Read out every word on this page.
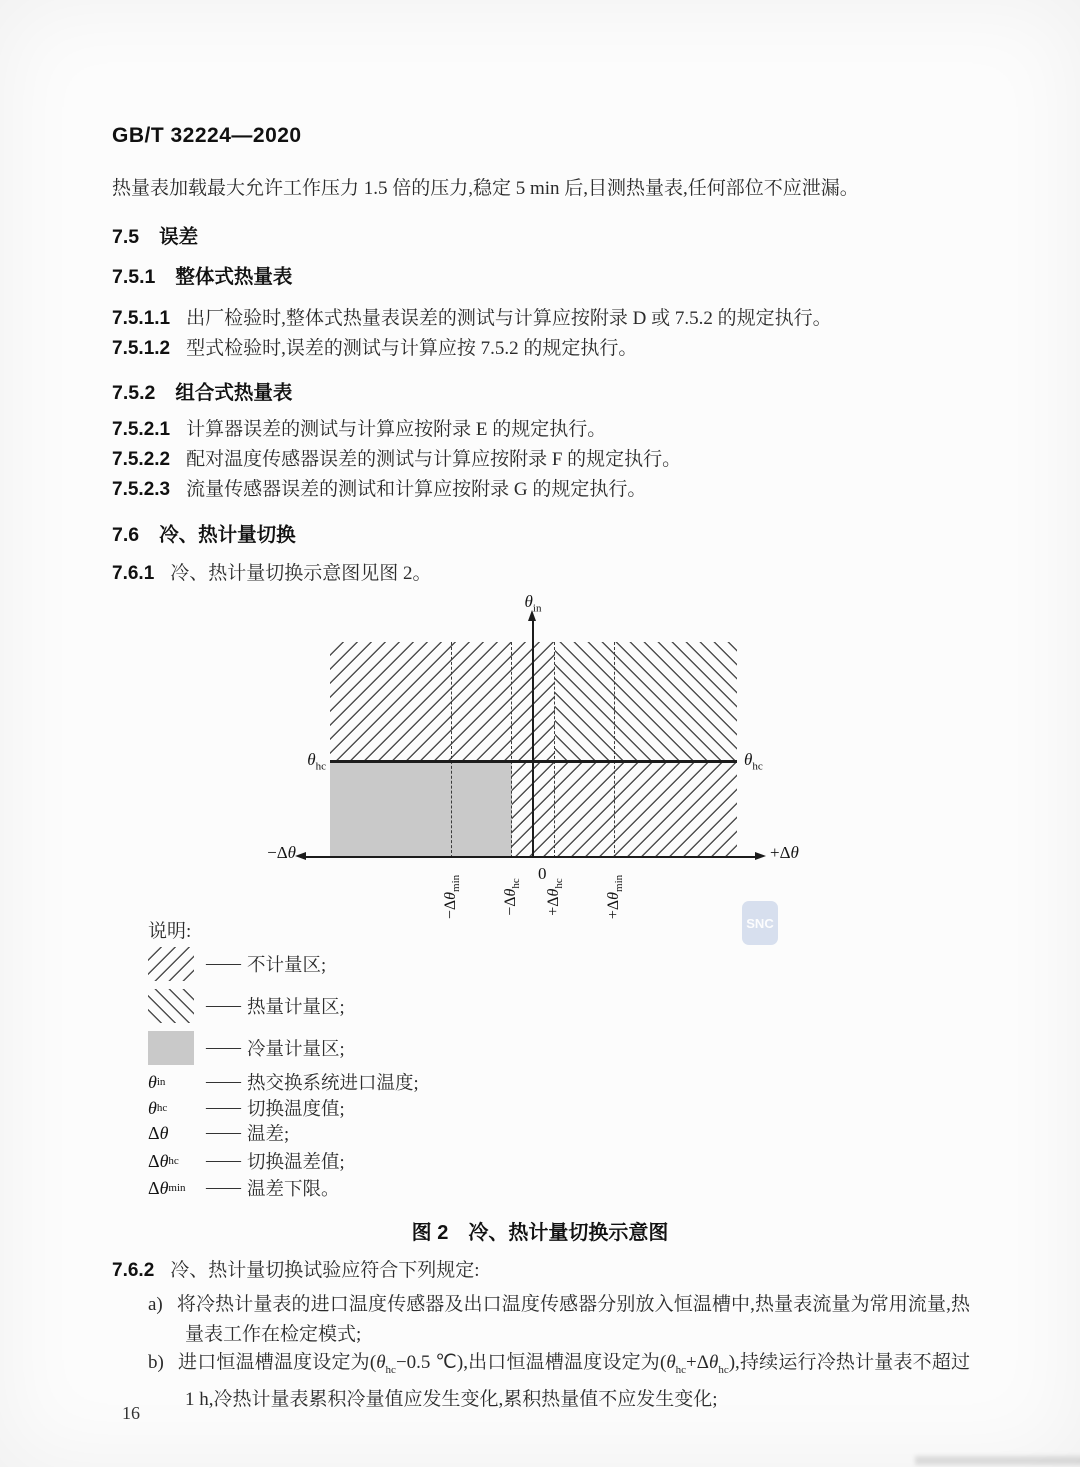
GB/T 32224—2020
热量表加载最大允许工作压力 1.5 倍的压力,稳定 5 min 后,目测热量表,任何部位不应泄漏。
7.5 误差
7.5.1 整体式热量表
7.5.1.1 出厂检验时,整体式热量表误差的测试与计算应按附录 D 或 7.5.2 的规定执行。
7.5.1.2 型式检验时,误差的测试与计算应按 7.5.2 的规定执行。
7.5.2 组合式热量表
7.5.2.1 计算器误差的测试与计算应按附录 E 的规定执行。
7.5.2.2 配对温度传感器误差的测试与计算应按附录 F 的规定执行。
7.5.2.3 流量传感器误差的测试和计算应按附录 G 的规定执行。
7.6 冷、热计量切换
7.6.1 冷、热计量切换示意图见图 2。
$\theta_{in}$
$\theta_{hc}$	$\theta_{hc}$
−Δθ	+Δθ
0
$-\Delta\theta_{min}$
$-\Delta\theta_{hc}$
$+\Delta\theta_{hc}$
$+\Delta\theta_{min}$
SNC
说明:
—— 不计量区;
—— 热量计量区;
—— 冷量计量区;
θ in —— 热交换系统进口温度;
θ hc —— 切换温度值;
Δ θ —— 温差;
Δ θ hc —— 切换温差值;
Δ θ min —— 温差下限。
图 2 冷、热计量切换示意图
7.6.2 冷、热计量切换试验应符合下列规定:
a) 将冷热计量表的进口温度传感器及出口温度传感器分别放入恒温槽中,热量表流量为常用流量,热量表工作在检定模式;
b) 进口恒温槽温度设定为($\theta_{hc}-0.5$ ℃),出口恒温槽温度设定为$(\theta_{hc}+\Delta\theta_{hc})$,持续运行冷热计量表不超过 1 h,冷热计量表累积冷量值应发生变化,累积热量值不应发生变化;
16
